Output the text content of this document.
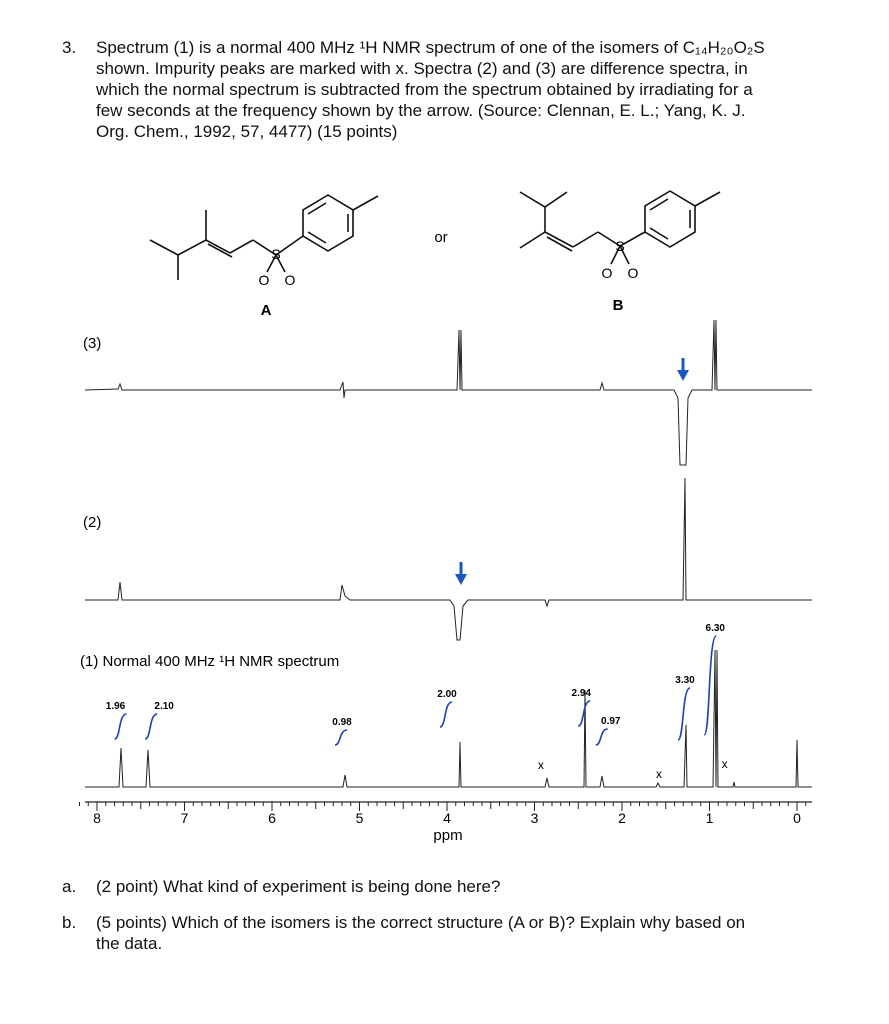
3. Spectrum (1) is a normal 400 MHz ¹H NMR spectrum of one of the isomers of C₁₄H₂₀O₂S

shown. Impurity peaks are marked with x. Spectra (2) and (3) are difference spectra, in

which the normal spectrum is subtracted from the spectrum obtained by irradiating for a

few seconds at the frequency shown by the arrow. (Source: Clennan, E. L.; Yang, K. J.

Org. Chem., 1992, 57, 4477) (15 points)

S
O O
A
or	S
O O
B
(3)
(2)
(1) Normal 400 MHz ¹H NMR spectrum
8	7	6	5	4	3	2	1	0
1.96	2.10
0.98
2.00	2.94
0.97
3.30
6.30
x
x
x
ppm
a. (2 point) What kind of experiment is being done here?
b. (5 points) Which of the isomers is the correct structure (A or B)? Explain why based on
the data.
